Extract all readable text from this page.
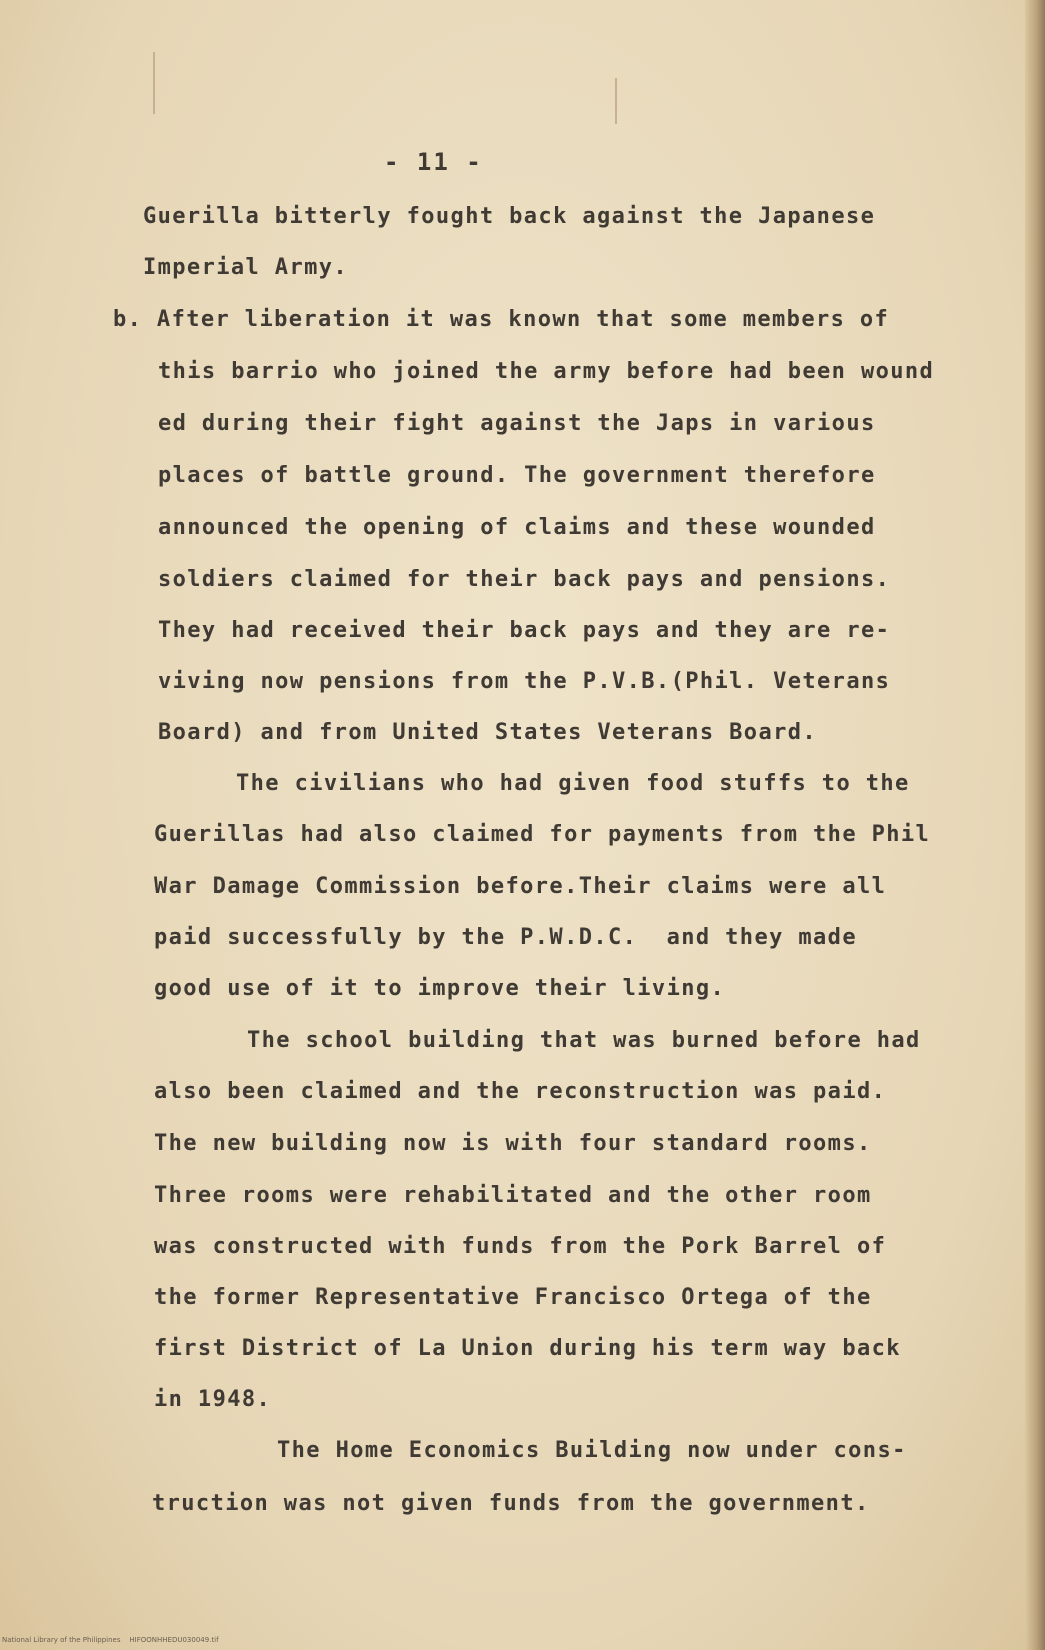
- 11 -
Guerilla bitterly fought back against the Japanese
Imperial Army.
b. After liberation it was known that some members of
this barrio who joined the army before had been wound
ed during their fight against the Japs in various
places of battle ground. The government therefore
announced the opening of claims and these wounded
soldiers claimed for their back pays and pensions.
They had received their back pays and they are re-
viving now pensions from the P.V.B.(Phil. Veterans
Board) and from United States Veterans Board.
The civilians who had given food stuffs to the
Guerillas had also claimed for payments from the Phil
War Damage Commission before.Their claims were all
paid successfully by the P.W.D.C.  and they made
good use of it to improve their living.
The school building that was burned before had
also been claimed and the reconstruction was paid.
The new building now is with four standard rooms.
Three rooms were rehabilitated and the other room
was constructed with funds from the Pork Barrel of
the former Representative Francisco Ortega of the
first District of La Union during his term way back
in 1948.
The Home Economics Building now under cons-
truction was not given funds from the government.
National Library of the Philippines    HIFOONHHEDU030049.tif
